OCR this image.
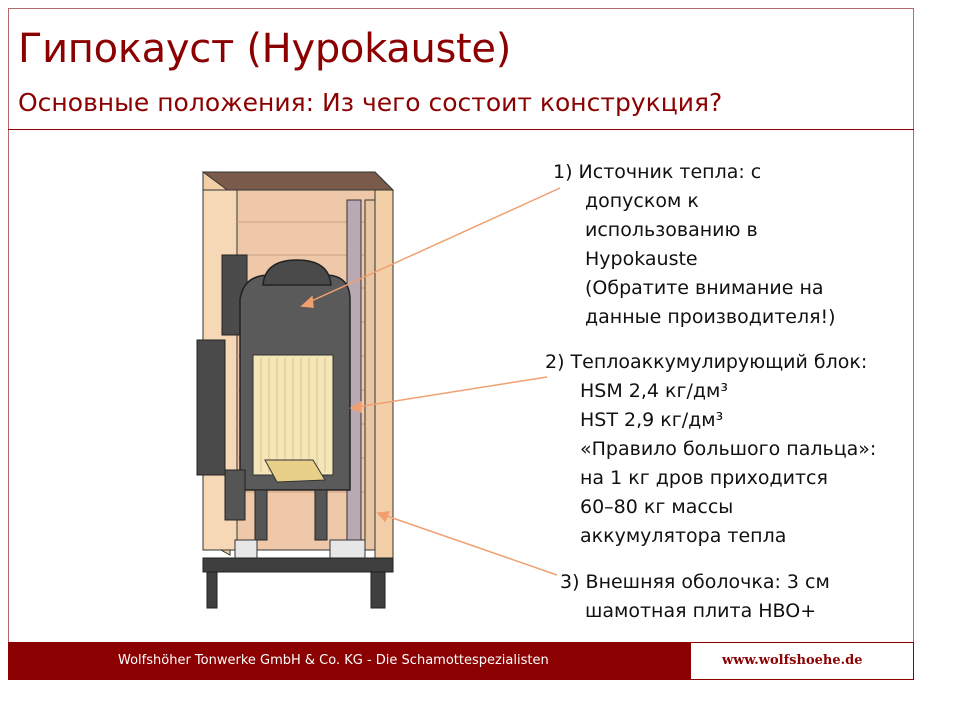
Гипокауст (Hypokauste)
Основные положения: Из чего состоит конструкция?
1) Источник тепла: с
допуском к
использованию в
Hypokauste
(Обратите внимание на
данные производителя!)
2) Теплоаккумулирующий блок:
HSM 2,4 кг/дм³
HST 2,9 кг/дм³
«Правило большого пальца»:
на 1 кг дров приходится
60–80 кг массы
аккумулятора тепла
3) Внешняя оболочка: 3 см
шамотная плита HBO+
Wolfshöher Tonwerke GmbH & Co. KG - Die Schamottespezialisten	www.wolfshoehe.de
